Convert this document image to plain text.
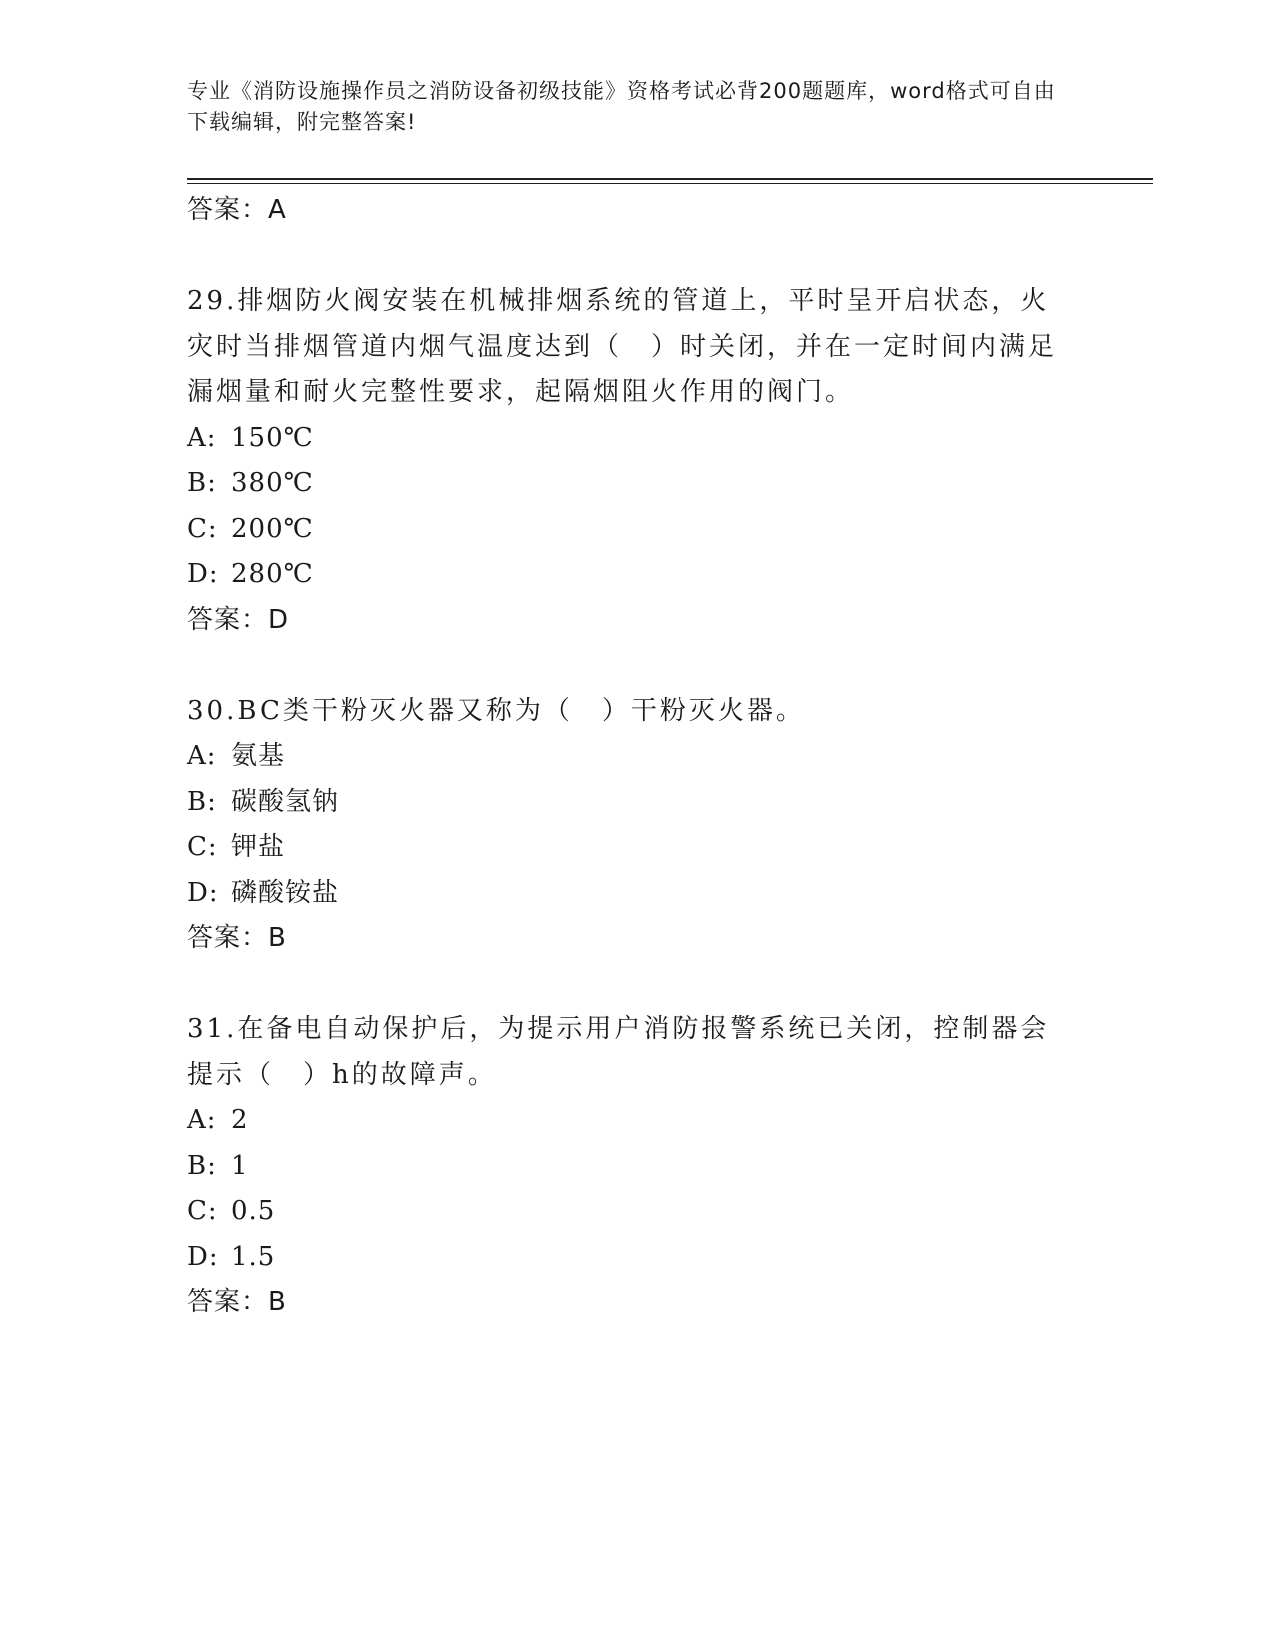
专业《消防设施操作员之消防设备初级技能》资格考试必背200题题库，word格式可自由下载编辑，附完整答案!
答案：A
29.排烟防火阀安装在机械排烟系统的管道上，平时呈开启状态，火灾时当排烟管道内烟气温度达到（　）时关闭，并在一定时间内满足漏烟量和耐火完整性要求，起隔烟阻火作用的阀门。
A: 150℃
B: 380℃
C: 200℃
D: 280℃
答案：D
30.BC类干粉灭火器又称为（　）干粉灭火器。
A: 氨基
B: 碳酸氢钠
C: 钾盐
D: 磷酸铵盐
答案：B
31.在备电自动保护后，为提示用户消防报警系统已关闭，控制器会提示（　）h的故障声。
A: 2
B: 1
C: 0.5
D: 1.5
答案：B
